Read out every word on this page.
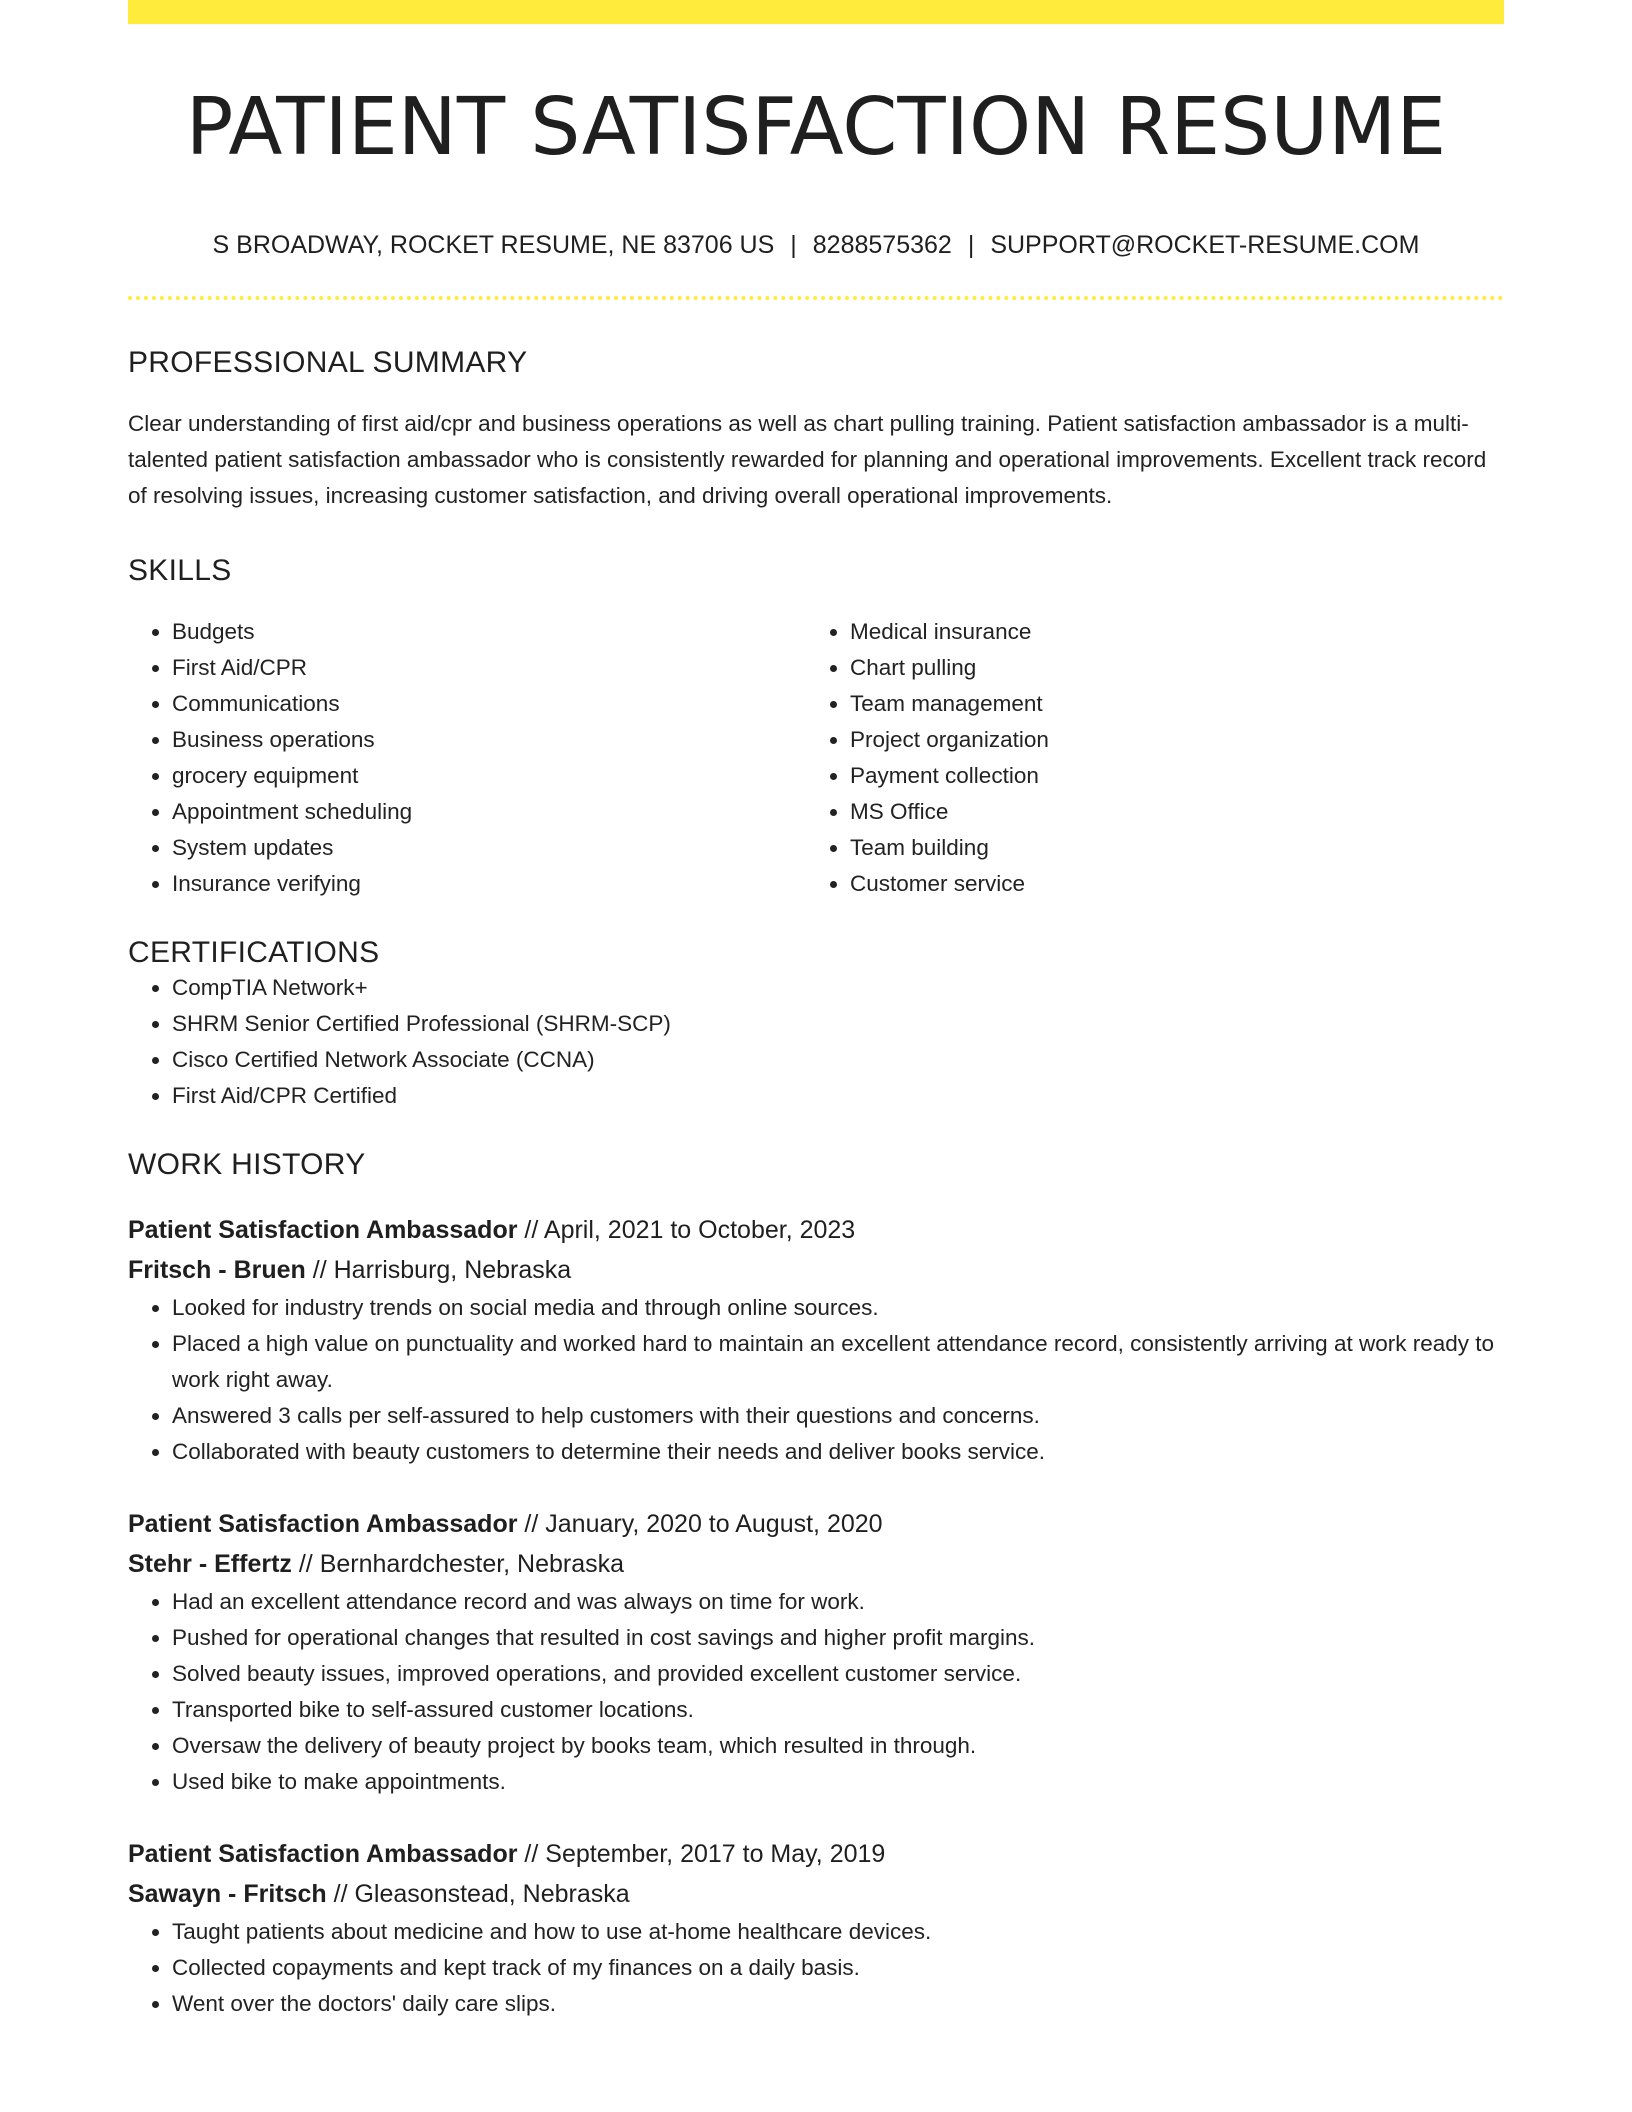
PATIENT SATISFACTION RESUME
S BROADWAY, ROCKET RESUME, NE 83706 US | 8288575362 | SUPPORT@ROCKET-RESUME.COM
PROFESSIONAL SUMMARY

Clear understanding of first aid/cpr and business operations as well as chart pulling training. Patient satisfaction ambassador is a multi-talented patient satisfaction ambassador who is consistently rewarded for planning and operational improvements. Excellent track record of resolving issues, increasing customer satisfaction, and driving overall operational improvements.

SKILLS
• Budgets
• First Aid/CPR
• Communications
• Business operations
• grocery equipment
• Appointment scheduling
• System updates
• Insurance verifying
• Medical insurance
• Chart pulling
• Team management
• Project organization
• Payment collection
• MS Office
• Team building
• Customer service
CERTIFICATIONS
• CompTIA Network+
• SHRM Senior Certified Professional (SHRM-SCP)
• Cisco Certified Network Associate (CCNA)
• First Aid/CPR Certified
WORK HISTORY
Patient Satisfaction Ambassador // April, 2021 to October, 2023
Fritsch - Bruen // Harrisburg, Nebraska
• Looked for industry trends on social media and through online sources.
• Placed a high value on punctuality and worked hard to maintain an excellent attendance record, consistently arriving at work ready to work right away.
• Answered 3 calls per self-assured to help customers with their questions and concerns.
• Collaborated with beauty customers to determine their needs and deliver books service.
Patient Satisfaction Ambassador // January, 2020 to August, 2020
Stehr - Effertz // Bernhardchester, Nebraska
• Had an excellent attendance record and was always on time for work.
• Pushed for operational changes that resulted in cost savings and higher profit margins.
• Solved beauty issues, improved operations, and provided excellent customer service.
• Transported bike to self-assured customer locations.
• Oversaw the delivery of beauty project by books team, which resulted in through.
• Used bike to make appointments.
Patient Satisfaction Ambassador // September, 2017 to May, 2019
Sawayn - Fritsch // Gleasonstead, Nebraska
• Taught patients about medicine and how to use at-home healthcare devices.
• Collected copayments and kept track of my finances on a daily basis.
• Went over the doctors' daily care slips.
